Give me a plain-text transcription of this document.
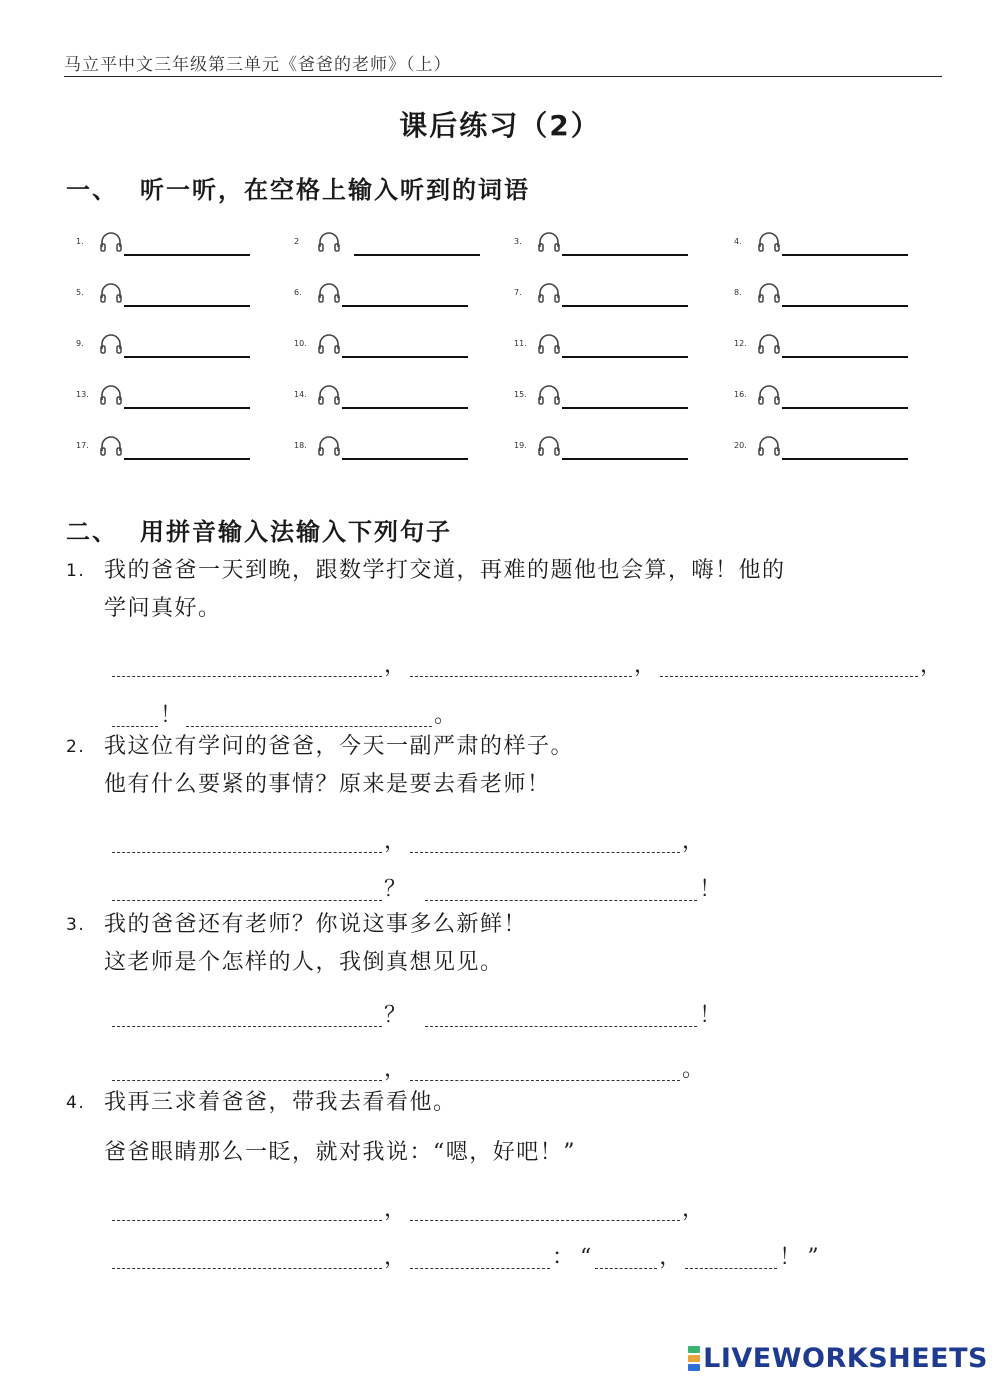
马立平中文三年级第三单元《爸爸的老师》（上）
课后练习（2）
一、 听一听，在空格上输入听到的词语
1.	2	3.	4.
5.	6.	7.	8.
9.	10.	11.	12.
13.	14.	15.	16.
17.	18.	19.	20.
二、 用拼音输入法输入下列句子
1. 我的爸爸一天到晚，跟数学打交道，再难的题他也会算，嗨！他的
学问真好。
，	，	，
！	。
2. 我这位有学问的爸爸，今天一副严肃的样子。
他有什么要紧的事情？原来是要去看老师！
，	，
？	！
3. 我的爸爸还有老师？你说这事多么新鲜！
这老师是个怎样的人，我倒真想见见。
？	！
，	。
4. 我再三求着爸爸，带我去看看他。
爸爸眼睛那么一眨，就对我说：“嗯，好吧！”
，	，
，	： “	，	！ ”
LIVEWORKSHEETS
